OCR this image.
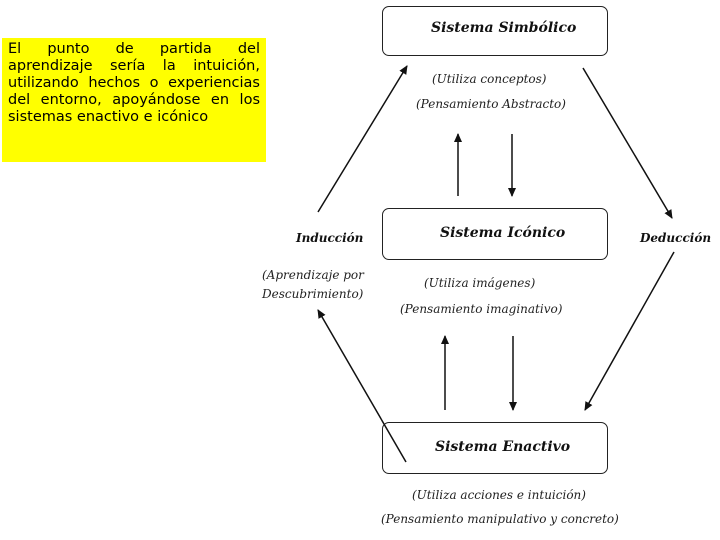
El punto de partida del aprendizaje sería la intuición, utilizando hechos o experiencias del entorno, apoyándose en los sistemas enactivo e icónico
Sistema Simbólico
Sistema Icónico
Sistema Enactivo
(Utiliza conceptos)
(Pensamiento Abstracto)
(Utiliza imágenes)
(Pensamiento imaginativo)
(Utiliza acciones e intuición)
(Pensamiento manipulativo y concreto)
Inducción
(Aprendizaje por
Descubrimiento)
Deducción
